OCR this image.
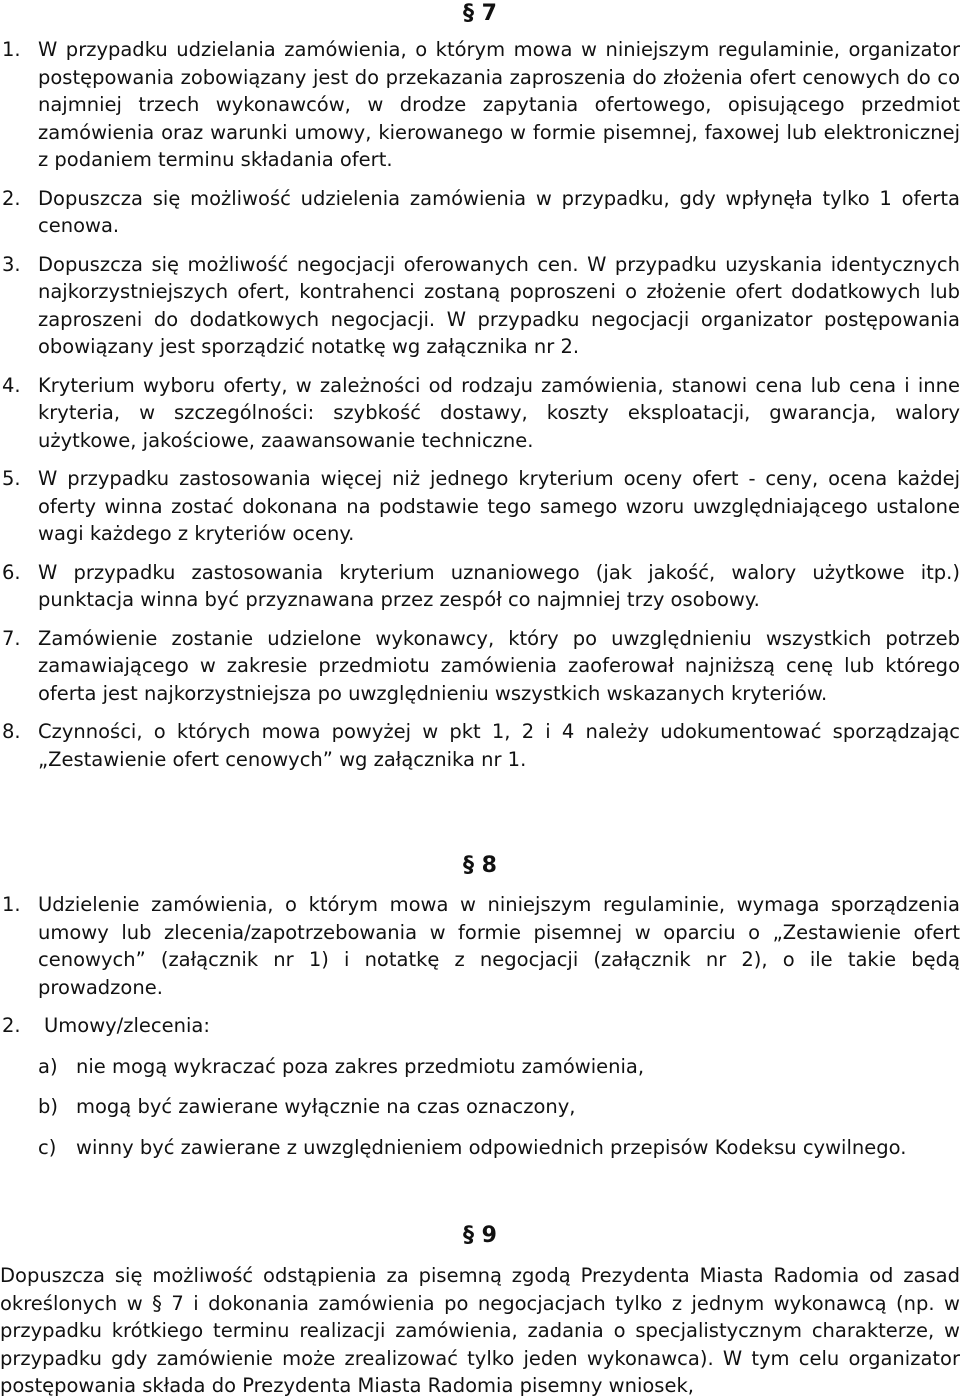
§ 7
1. W przypadku udzielania zamówienia, o którym mowa w niniejszym regulaminie, organizator postępowania zobowiązany jest do przekazania zaproszenia do złożenia ofert cenowych do co najmniej trzech wykonawców, w drodze zapytania ofertowego, opisującego przedmiot zamówienia oraz warunki umowy, kierowanego w formie pisemnej, faxowej lub elektronicznej z podaniem terminu składania ofert.
2. Dopuszcza się możliwość udzielenia zamówienia w przypadku, gdy wpłynęła tylko 1 oferta cenowa.
3. Dopuszcza się możliwość negocjacji oferowanych cen. W przypadku uzyskania identycznych najkorzystniejszych ofert, kontrahenci zostaną poproszeni o złożenie ofert dodatkowych lub zaproszeni do dodatkowych negocjacji. W przypadku negocjacji organizator postępowania obowiązany jest sporządzić notatkę wg załącznika nr 2.
4. Kryterium wyboru oferty, w zależności od rodzaju zamówienia, stanowi cena lub cena i inne kryteria, w szczególności: szybkość dostawy, koszty eksploatacji, gwarancja, walory użytkowe, jakościowe, zaawansowanie techniczne.
5. W przypadku zastosowania więcej niż jednego kryterium oceny ofert - ceny, ocena każdej oferty winna zostać dokonana na podstawie tego samego wzoru uwzględniającego ustalone wagi każdego z kryteriów oceny.
6. W przypadku zastosowania kryterium uznaniowego (jak jakość, walory użytkowe itp.) punktacja winna być przyznawana przez zespół co najmniej trzy osobowy.
7. Zamówienie zostanie udzielone wykonawcy, który po uwzględnieniu wszystkich potrzeb zamawiającego w zakresie przedmiotu zamówienia zaoferował najniższą cenę lub którego oferta jest najkorzystniejsza po uwzględnieniu wszystkich wskazanych kryteriów.
8. Czynności, o których mowa powyżej w pkt 1, 2 i 4 należy udokumentować sporządzając „Zestawienie ofert cenowych” wg załącznika nr 1.
§ 8
1. Udzielenie zamówienia, o którym mowa w niniejszym regulaminie, wymaga sporządzenia umowy lub zlecenia/zapotrzebowania w formie pisemnej w oparciu o „Zestawienie ofert cenowych” (załącznik nr 1) i notatkę z negocjacji (załącznik nr 2), o ile takie będą prowadzone.
2.	Umowy/zlecenia:
a) nie mogą wykraczać poza zakres przedmiotu zamówienia,
b) mogą być zawierane wyłącznie na czas oznaczony,
c)	winny być zawierane z uwzględnieniem odpowiednich przepisów Kodeksu cywilnego.
§ 9
Dopuszcza się możliwość odstąpienia za pisemną zgodą Prezydenta Miasta Radomia od zasad określonych w § 7 i dokonania zamówienia po negocjacjach tylko z jednym wykonawcą (np. w przypadku krótkiego terminu realizacji zamówienia, zadania o specjalistycznym charakterze, w przypadku gdy zamówienie może zrealizować tylko jeden wykonawca). W tym celu organizator postępowania składa do Prezydenta Miasta Radomia pisemny wniosek,
